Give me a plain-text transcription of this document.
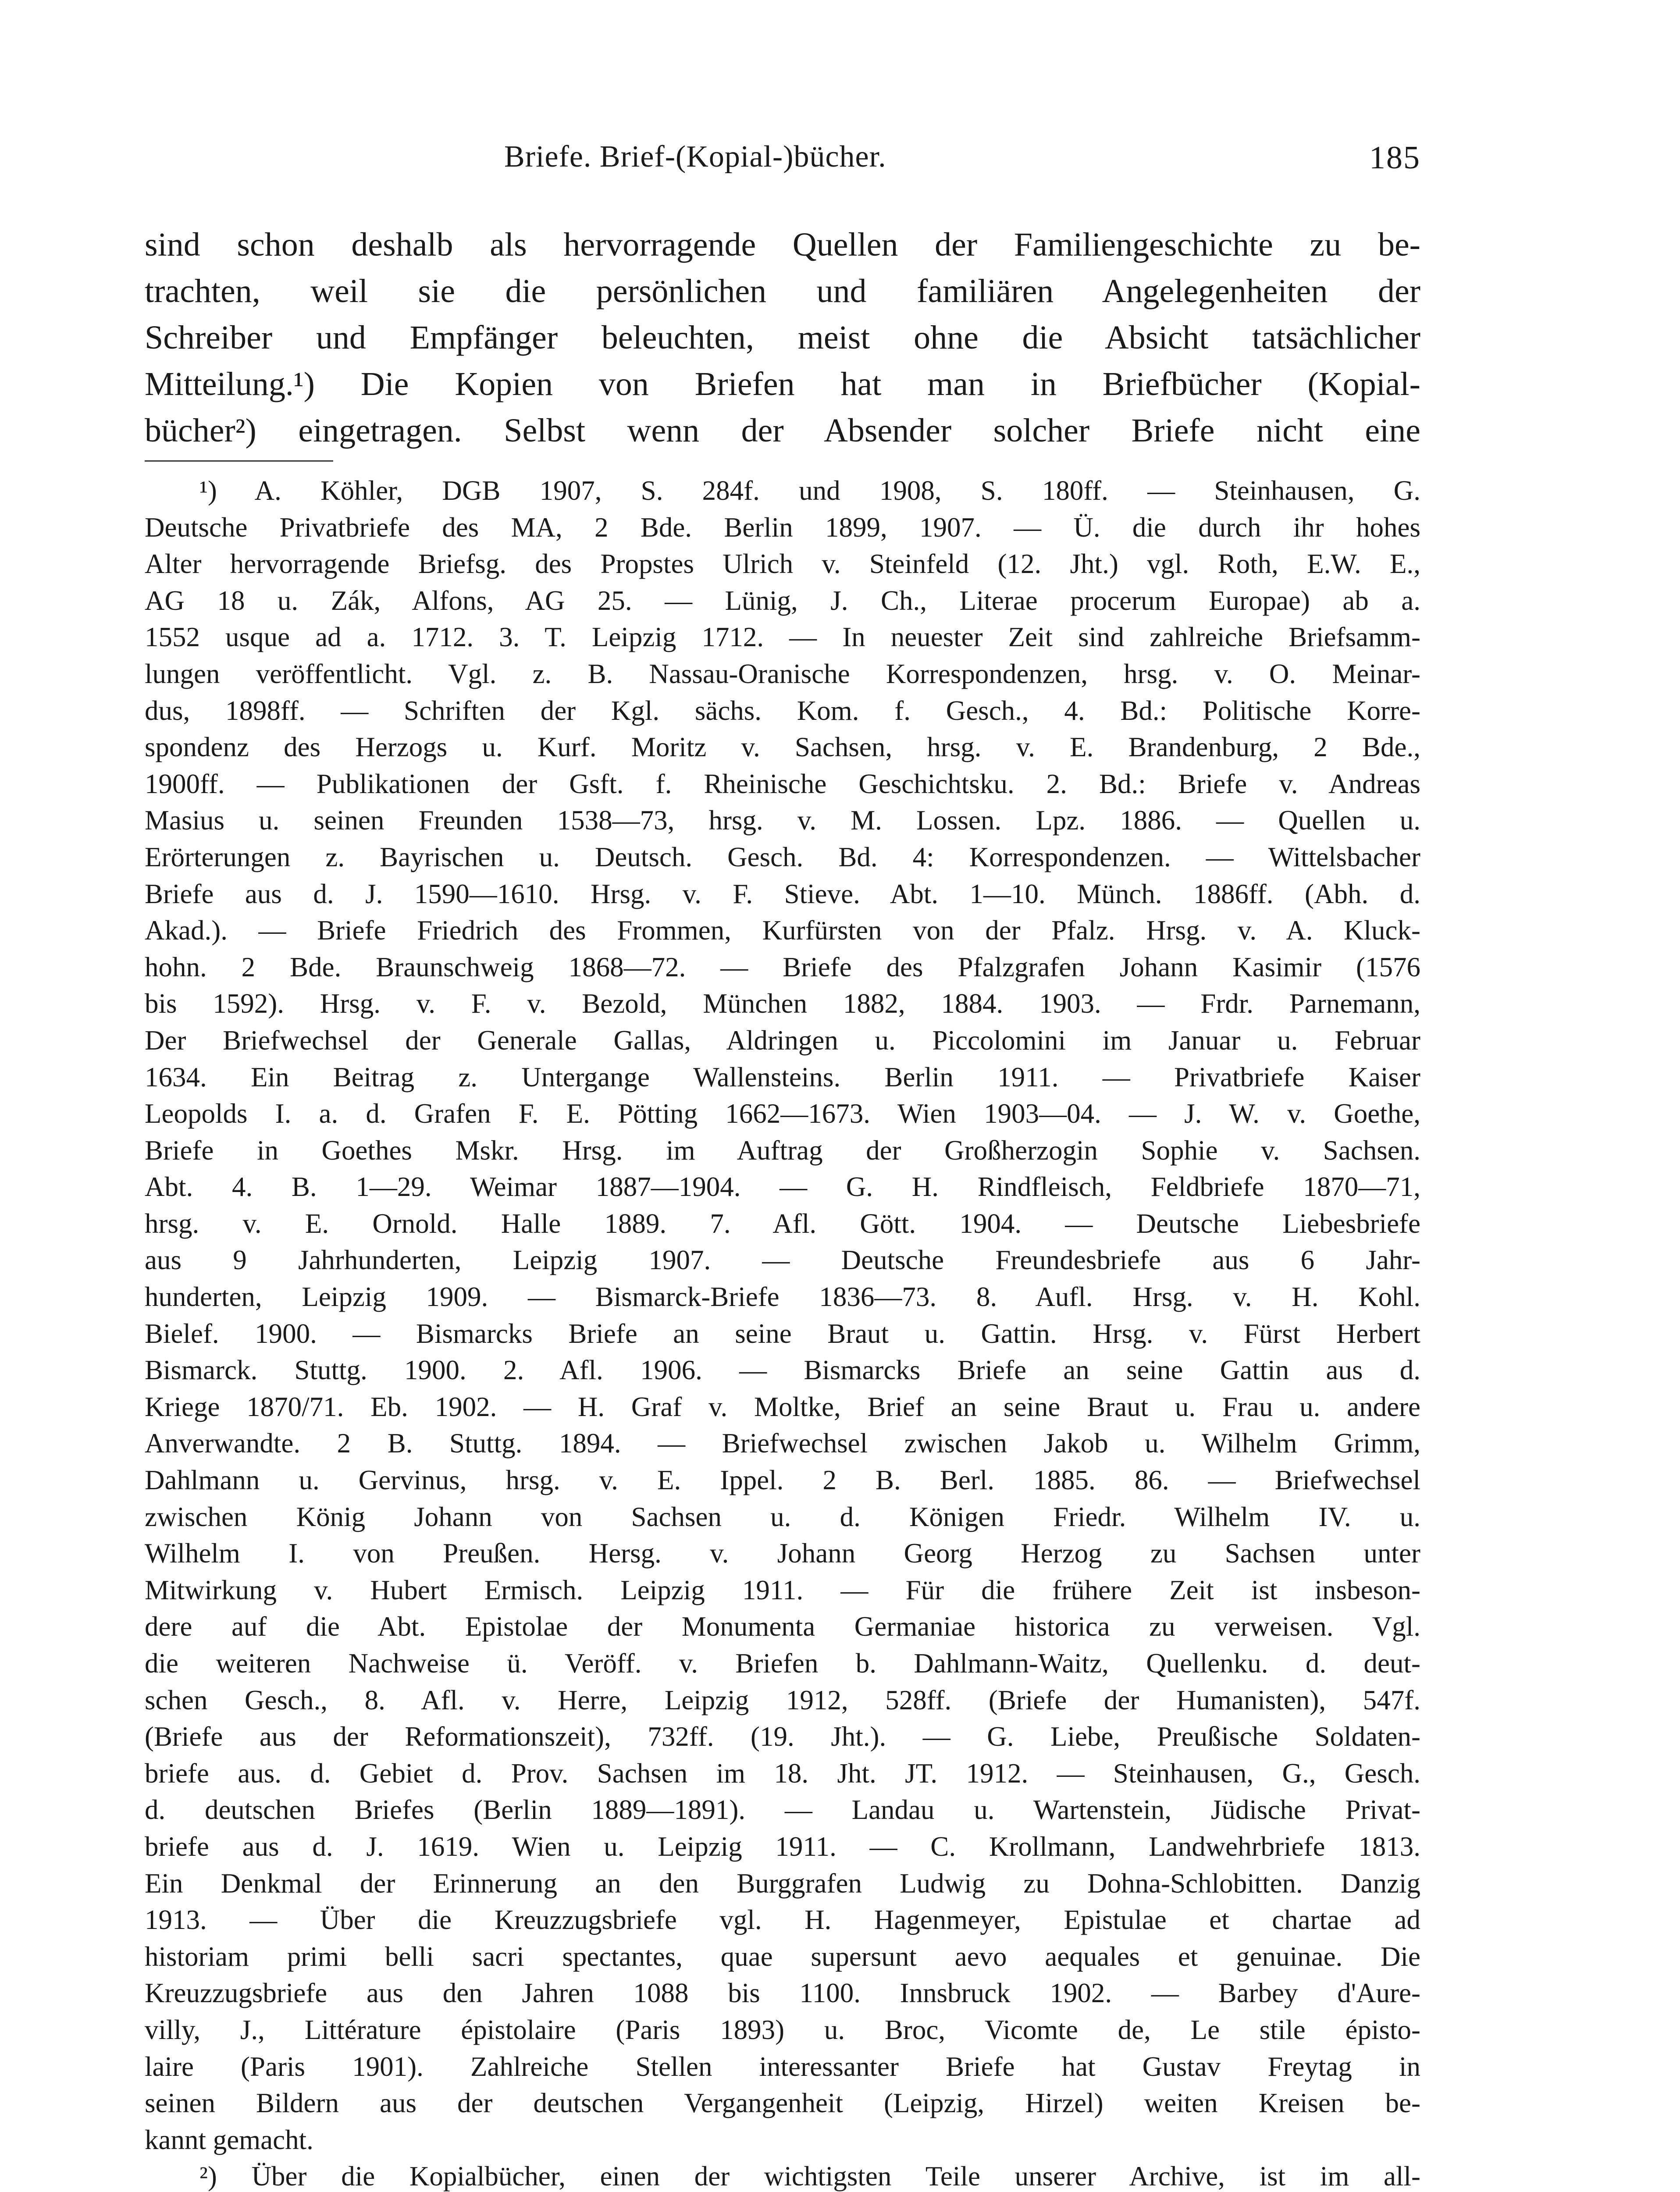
Briefe. Brief-(Kopial-)bücher.	185
sind schon deshalb als hervorragende Quellen der Familiengeschichte zu be-
trachten, weil sie die persönlichen und familiären Angelegenheiten der
Schreiber und Empfänger beleuchten, meist ohne die Absicht tatsächlicher
Mitteilung.¹) Die Kopien von Briefen hat man in Briefbücher (Kopial-
bücher²) eingetragen. Selbst wenn der Absender solcher Briefe nicht eine
¹) A. Köhler, DGB 1907, S. 284f. und 1908, S. 180ff. — Steinhausen, G.
Deutsche Privatbriefe des MA, 2 Bde. Berlin 1899, 1907. — Ü. die durch ihr hohes
Alter hervorragende Briefsg. des Propstes Ulrich v. Steinfeld (12. Jht.) vgl. Roth, E.W. E.,
AG 18 u. Zák, Alfons, AG 25. — Lünig, J. Ch., Literae procerum Europae) ab a.
1552 usque ad a. 1712. 3. T. Leipzig 1712. — In neuester Zeit sind zahlreiche Briefsamm-
lungen veröffentlicht. Vgl. z. B. Nassau-Oranische Korrespondenzen, hrsg. v. O. Meinar-
dus, 1898ff. — Schriften der Kgl. sächs. Kom. f. Gesch., 4. Bd.: Politische Korre-
spondenz des Herzogs u. Kurf. Moritz v. Sachsen, hrsg. v. E. Brandenburg, 2 Bde.,
1900ff. — Publikationen der Gsft. f. Rheinische Geschichtsku. 2. Bd.: Briefe v. Andreas
Masius u. seinen Freunden 1538—73, hrsg. v. M. Lossen. Lpz. 1886. — Quellen u.
Erörterungen z. Bayrischen u. Deutsch. Gesch. Bd. 4: Korrespondenzen. — Wittelsbacher
Briefe aus d. J. 1590—1610. Hrsg. v. F. Stieve. Abt. 1—10. Münch. 1886ff. (Abh. d.
Akad.). — Briefe Friedrich des Frommen, Kurfürsten von der Pfalz. Hrsg. v. A. Kluck-
hohn. 2 Bde. Braunschweig 1868—72. — Briefe des Pfalzgrafen Johann Kasimir (1576
bis 1592). Hrsg. v. F. v. Bezold, München 1882, 1884. 1903. — Frdr. Parnemann,
Der Briefwechsel der Generale Gallas, Aldringen u. Piccolomini im Januar u. Februar
1634. Ein Beitrag z. Untergange Wallensteins. Berlin 1911. — Privatbriefe Kaiser
Leopolds I. a. d. Grafen F. E. Pötting 1662—1673. Wien 1903—04. — J. W. v. Goethe,
Briefe in Goethes Mskr. Hrsg. im Auftrag der Großherzogin Sophie v. Sachsen.
Abt. 4. B. 1—29. Weimar 1887—1904. — G. H. Rindfleisch, Feldbriefe 1870—71,
hrsg. v. E. Ornold. Halle 1889. 7. Afl. Gött. 1904. — Deutsche Liebesbriefe
aus 9 Jahrhunderten, Leipzig 1907. — Deutsche Freundesbriefe aus 6 Jahr-
hunderten, Leipzig 1909. — Bismarck-Briefe 1836—73. 8. Aufl. Hrsg. v. H. Kohl.
Bielef. 1900. — Bismarcks Briefe an seine Braut u. Gattin. Hrsg. v. Fürst Herbert
Bismarck. Stuttg. 1900. 2. Afl. 1906. — Bismarcks Briefe an seine Gattin aus d.
Kriege 1870/71. Eb. 1902. — H. Graf v. Moltke, Brief an seine Braut u. Frau u. andere
Anverwandte. 2 B. Stuttg. 1894. — Briefwechsel zwischen Jakob u. Wilhelm Grimm,
Dahlmann u. Gervinus, hrsg. v. E. Ippel. 2 B. Berl. 1885. 86. — Briefwechsel
zwischen König Johann von Sachsen u. d. Königen Friedr. Wilhelm IV. u.
Wilhelm I. von Preußen. Hersg. v. Johann Georg Herzog zu Sachsen unter
Mitwirkung v. Hubert Ermisch. Leipzig 1911. — Für die frühere Zeit ist insbeson-
dere auf die Abt. Epistolae der Monumenta Germaniae historica zu verweisen. Vgl.
die weiteren Nachweise ü. Veröff. v. Briefen b. Dahlmann-Waitz, Quellenku. d. deut-
schen Gesch., 8. Afl. v. Herre, Leipzig 1912, 528ff. (Briefe der Humanisten), 547f.
(Briefe aus der Reformationszeit), 732ff. (19. Jht.). — G. Liebe, Preußische Soldaten-
briefe aus. d. Gebiet d. Prov. Sachsen im 18. Jht. JT. 1912. — Steinhausen, G., Gesch.
d. deutschen Briefes (Berlin 1889—1891). — Landau u. Wartenstein, Jüdische Privat-
briefe aus d. J. 1619. Wien u. Leipzig 1911. — C. Krollmann, Landwehrbriefe 1813.
Ein Denkmal der Erinnerung an den Burggrafen Ludwig zu Dohna-Schlobitten. Danzig
1913. — Über die Kreuzzugsbriefe vgl. H. Hagenmeyer, Epistulae et chartae ad
historiam primi belli sacri spectantes, quae supersunt aevo aequales et genuinae. Die
Kreuzzugsbriefe aus den Jahren 1088 bis 1100. Innsbruck 1902. — Barbey d'Aure-
villy, J., Littérature épistolaire (Paris 1893) u. Broc, Vicomte de, Le stile épisto-
laire (Paris 1901). Zahlreiche Stellen interessanter Briefe hat Gustav Freytag in
seinen Bildern aus der deutschen Vergangenheit (Leipzig, Hirzel) weiten Kreisen be-
kannt gemacht.
²) Über die Kopialbücher, einen der wichtigsten Teile unserer Archive, ist im all-
